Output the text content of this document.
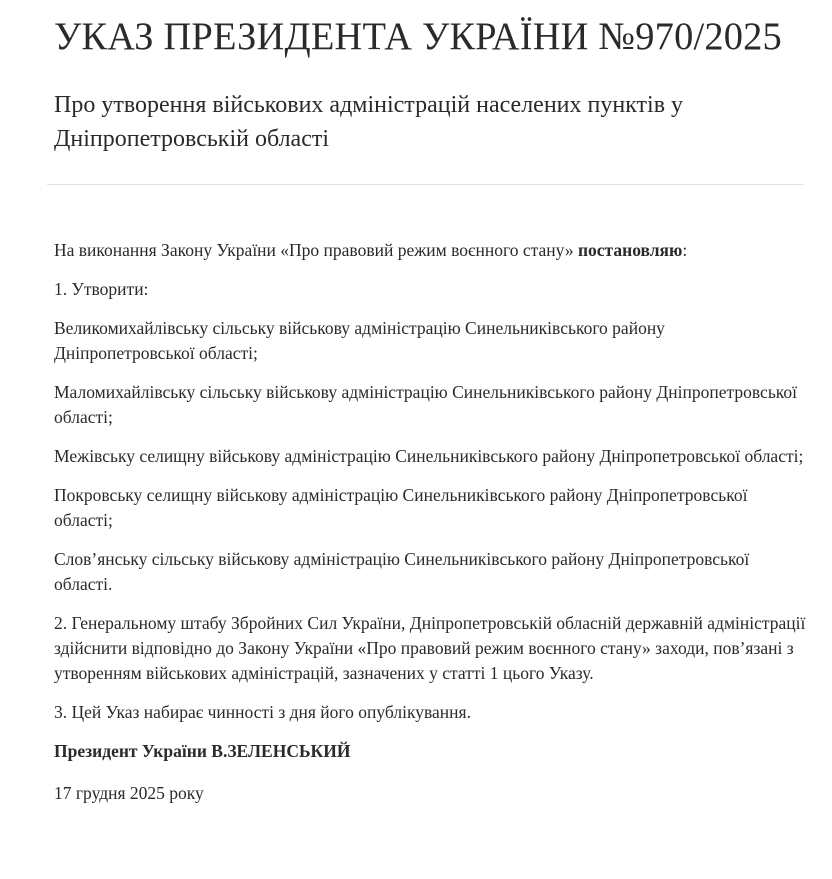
УКАЗ ПРЕЗИДЕНТА УКРАЇНИ №970/2025
Про утворення військових адміністрацій населених пунктів у Дніпропетровській області

На виконання Закону України «Про правовий режим воєнного стану» постановляю:

1. Утворити:

Великомихайлівську сільську військову адміністрацію Синельниківського району Дніпропетровської області;

Маломихайлівську сільську військову адміністрацію Синельниківського району Дніпропетровської області;

Межівську селищну військову адміністрацію Синельниківського району Дніпропетровської області;

Покровську селищну військову адміністрацію Синельниківського району Дніпропетровської області;

Слов’янську сільську військову адміністрацію Синельниківського району Дніпропетровської області.

2. Генеральному штабу Збройних Сил України, Дніпропетровській обласній державній адміністрації здійснити відповідно до Закону України «Про правовий режим воєнного стану» заходи, пов’язані з утворенням військових адміністрацій, зазначених у статті 1 цього Указу.

3. Цей Указ набирає чинності з дня його опублікування.

Президент України В.ЗЕЛЕНСЬКИЙ

17 грудня 2025 року
